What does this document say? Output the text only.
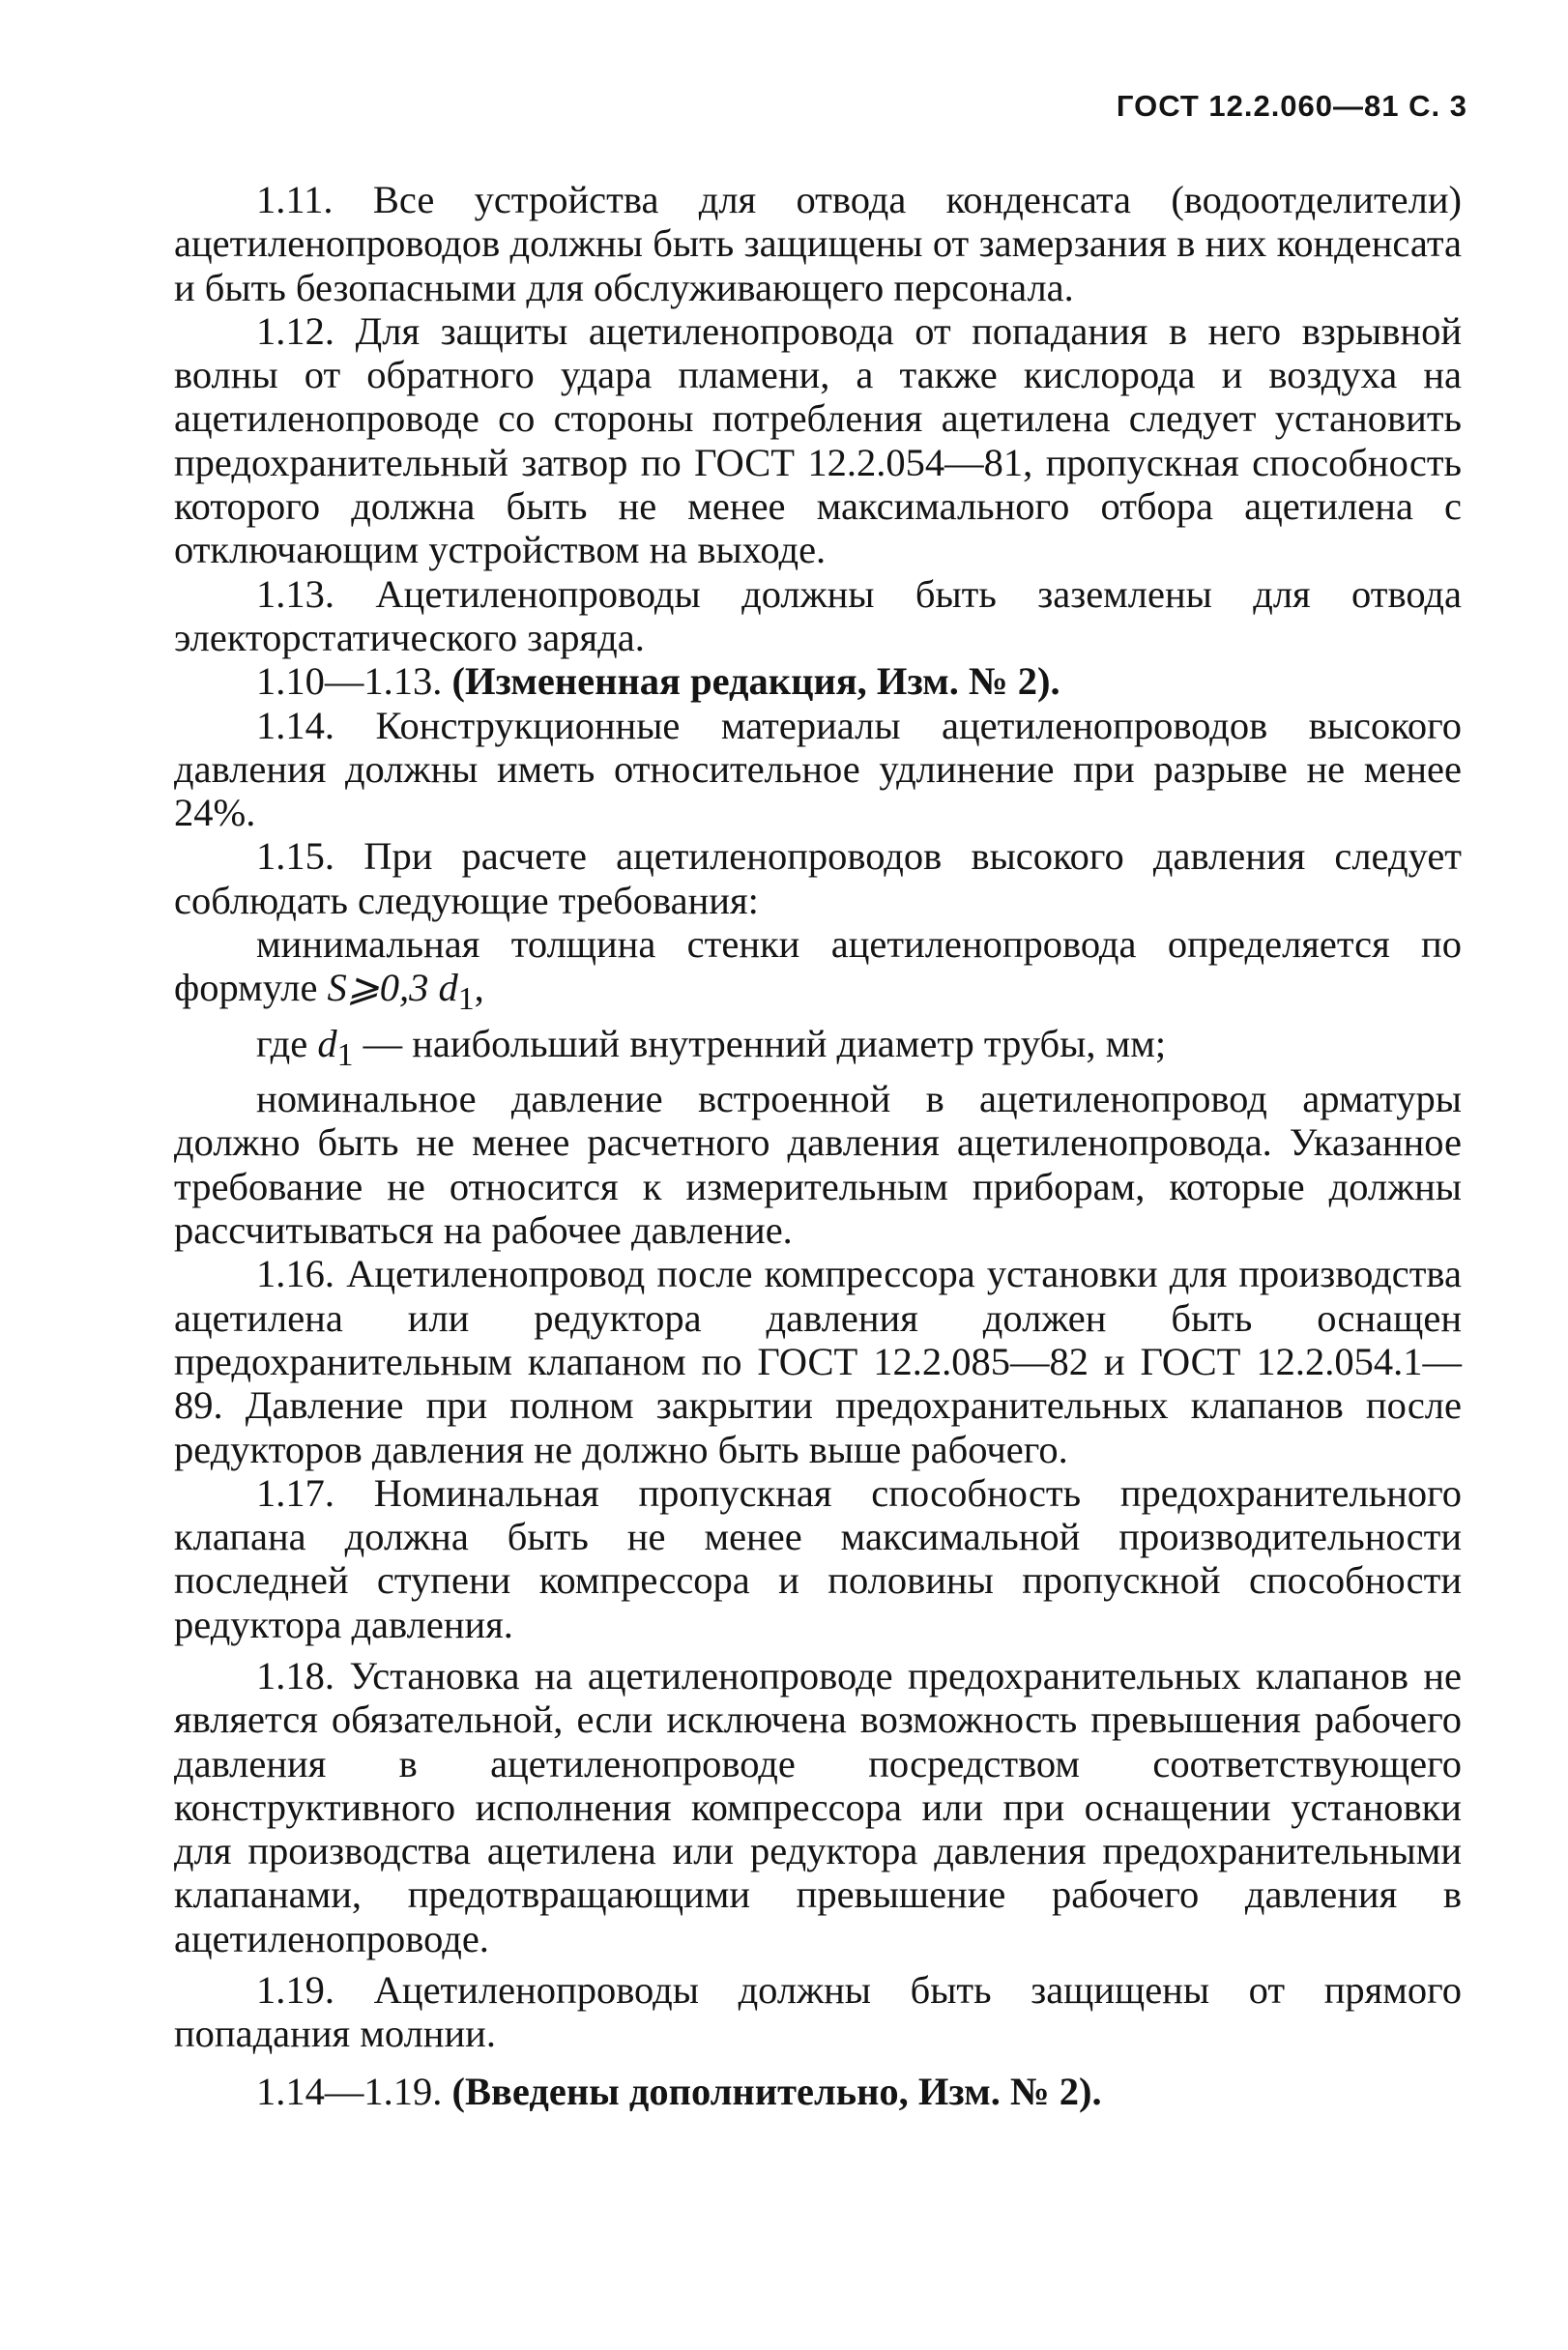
ГОСТ 12.2.060—81 С. 3

1.11. Все устройства для отвода конденсата (водоотделители) ацетиленопроводов должны быть защищены от замерзания в них конденсата и быть безопасными для обслуживающего персонала.

1.12. Для защиты ацетиленопровода от попадания в него взрывной волны от обратного удара пламени, а также кислорода и воздуха на ацетиленопроводе со стороны потребления ацетилена следует установить предохранительный затвор по ГОСТ 12.2.054—81, пропускная способность которого должна быть не менее максимального отбора ацетилена с отключающим устройством на выходе.

1.13. Ацетиленопроводы должны быть заземлены для отвода электорстатического заряда.

1.10—1.13. (Измененная редакция, Изм. № 2).

1.14. Конструкционные материалы ацетиленопроводов высокого давления должны иметь относительное удлинение при разрыве не менее 24%.

1.15. При расчете ацетиленопроводов высокого давления следует соблюдать следующие требования:

минимальная толщина стенки ацетиленопровода определяется по формуле S⩾0,3 $d_1$,

где $d_1$ — наибольший внутренний диаметр трубы, мм;

номинальное давление встроенной в ацетиленопровод арматуры должно быть не менее расчетного давления ацетиленопровода. Указанное требование не относится к измерительным приборам, которые должны рассчитываться на рабочее давление.

1.16. Ацетиленопровод после компрессора установки для производства ацетилена или редуктора давления должен быть оснащен предохранительным клапаном по ГОСТ 12.2.085—82 и ГОСТ 12.2.054.1—89. Давление при полном закрытии предохранительных клапанов после редукторов давления не должно быть выше рабочего.

1.17. Номинальная пропускная способность предохранительного клапана должна быть не менее максимальной производительности последней ступени компрессора и половины пропускной способности редуктора давления.

1.18. Установка на ацетиленопроводе предохранительных клапанов не является обязательной, если исключена возможность превышения рабочего давления в ацетиленопроводе посредством соответствующего конструктивного исполнения компрессора или при оснащении установки для производства ацетилена или редуктора давления предохранительными клапанами, предотвращающими превышение рабочего давления в ацетиленопроводе.

1.19. Ацетиленопроводы должны быть защищены от прямого попадания молнии.

1.14—1.19. (Введены дополнительно, Изм. № 2).
